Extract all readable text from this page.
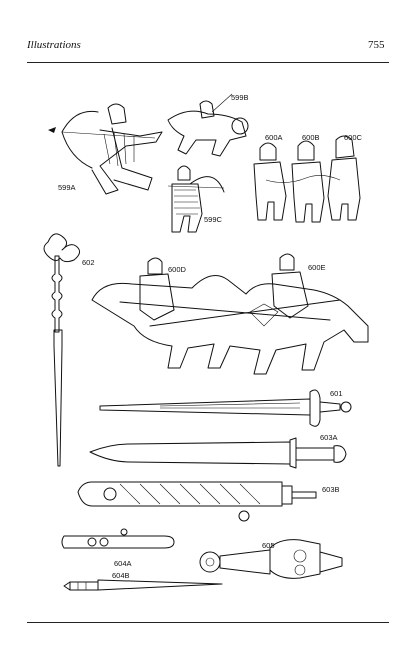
Illustrations	755
599A
599B
599C
600A	600B	600C
602
600D	600E
601
603A
603B
604A
605
604B
